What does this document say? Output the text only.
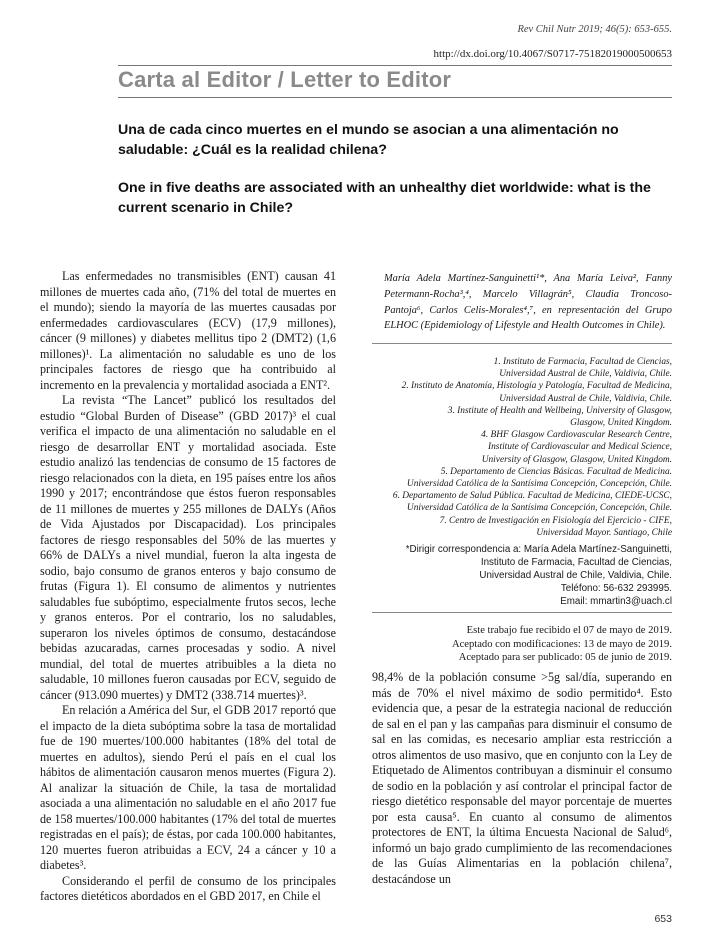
Rev Chil Nutr 2019; 46(5): 653-655.
http://dx.doi.org/10.4067/S0717-75182019000500653
Carta al Editor / Letter to Editor
Una de cada cinco muertes en el mundo se asocian a una alimentación no saludable: ¿Cuál es la realidad chilena?
One in five deaths are associated with an unhealthy diet worldwide: what is the current scenario in Chile?

Las enfermedades no transmisibles (ENT) causan 41 millones de muertes cada año, (71% del total de muertes en el mundo); siendo la mayoría de las muertes causadas por enfermedades cardiovasculares (ECV) (17,9 millones), cáncer (9 millones) y diabetes mellitus tipo 2 (DMT2) (1,6 millones)¹. La alimentación no saludable es uno de los principales factores de riesgo que ha contribuido al incremento en la prevalencia y mortalidad asociada a ENT².

La revista “The Lancet” publicó los resultados del estudio “Global Burden of Disease” (GBD 2017)³ el cual verifica el impacto de una alimentación no saludable en el riesgo de desarrollar ENT y mortalidad asociada. Este estudio analizó las tendencias de consumo de 15 factores de riesgo relacionados con la dieta, en 195 países entre los años 1990 y 2017; encontrándose que éstos fueron responsables de 11 millones de muertes y 255 millones de DALYs (Años de Vida Ajustados por Discapacidad). Los principales factores de riesgo responsables del 50% de las muertes y 66% de DALYs a nivel mundial, fueron la alta ingesta de sodio, bajo consumo de granos enteros y bajo consumo de frutas (Figura 1). El consumo de alimentos y nutrientes saludables fue subóptimo, especialmente frutos secos, leche y granos enteros. Por el contrario, los no saludables, superaron los niveles óptimos de consumo, destacándose bebidas azucaradas, carnes procesadas y sodio. A nivel mundial, del total de muertes atribuibles a la dieta no saludable, 10 millones fueron causadas por ECV, seguido de cáncer (913.090 muertes) y DMT2 (338.714 muertes)³.

En relación a América del Sur, el GDB 2017 reportó que el impacto de la dieta subóptima sobre la tasa de mortalidad fue de 190 muertes/100.000 habitantes (18% del total de muertes en adultos), siendo Perú el país en el cual los hábitos de alimentación causaron menos muertes (Figura 2). Al analizar la situación de Chile, la tasa de mortalidad asociada a una alimentación no saludable en el año 2017 fue de 158 muertes/100.000 habitantes (17% del total de muertes registradas en el país); de éstas, por cada 100.000 habitantes, 120 muertes fueron atribuidas a ECV, 24 a cáncer y 10 a diabetes³.

Considerando el perfil de consumo de los principales factores dietéticos abordados en el GBD 2017, en Chile el

María Adela Martínez-Sanguinetti¹*, Ana María Leiva², Fanny Petermann-Rocha³,⁴, Marcelo Villagrán⁵, Claudia Troncoso-Pantoja⁶, Carlos Celis-Morales⁴,⁷, en representación del Grupo ELHOC (Epidemiology of Lifestyle and Health Outcomes in Chile).
1. Instituto de Farmacia, Facultad de Ciencias,
Universidad Austral de Chile, Valdivia, Chile.
2. Instituto de Anatomía, Histología y Patología, Facultad de Medicina,
Universidad Austral de Chile, Valdivia, Chile.
3. Institute of Health and Wellbeing, University of Glasgow,
Glasgow, United Kingdom.
4. BHF Glasgow Cardiovascular Research Centre,
Institute of Cardiovascular and Medical Science,
University of Glasgow, Glasgow, United Kingdom.
5. Departamento de Ciencias Básicas. Facultad de Medicina.
Universidad Católica de la Santísima Concepción, Concepción, Chile.
6. Departamento de Salud Pública. Facultad de Medicina, CIEDE-UCSC,
Universidad Católica de la Santísima Concepción, Concepción, Chile.
7. Centro de Investigación en Fisiología del Ejercicio - CIFE,
Universidad Mayor. Santiago, Chile
*Dirigir correspondencia a: María Adela Martínez-Sanguinetti,
Instituto de Farmacia, Facultad de Ciencias,
Universidad Austral de Chile, Valdivia, Chile.
Teléfono: 56-632 293995.
Email: mmartin3@uach.cl
Este trabajo fue recibido el 07 de mayo de 2019.
Aceptado con modificaciones: 13 de mayo de 2019.
Aceptado para ser publicado: 05 de junio de 2019.

98,4% de la población consume >5g sal/día, superando en más de 70% el nivel máximo de sodio permitido⁴. Esto evidencia que, a pesar de la estrategia nacional de reducción de sal en el pan y las campañas para disminuir el consumo de sal en las comidas, es necesario ampliar esta restricción a otros alimentos de uso masivo, que en conjunto con la Ley de Etiquetado de Alimentos contribuyan a disminuir el consumo de sodio en la población y así controlar el principal factor de riesgo dietético responsable del mayor porcentaje de muertes por esta causa⁵. En cuanto al consumo de alimentos protectores de ENT, la última Encuesta Nacional de Salud⁶, informó un bajo grado cumplimiento de las recomendaciones de las Guías Alimentarias en la población chilena⁷, destacándose un

653
